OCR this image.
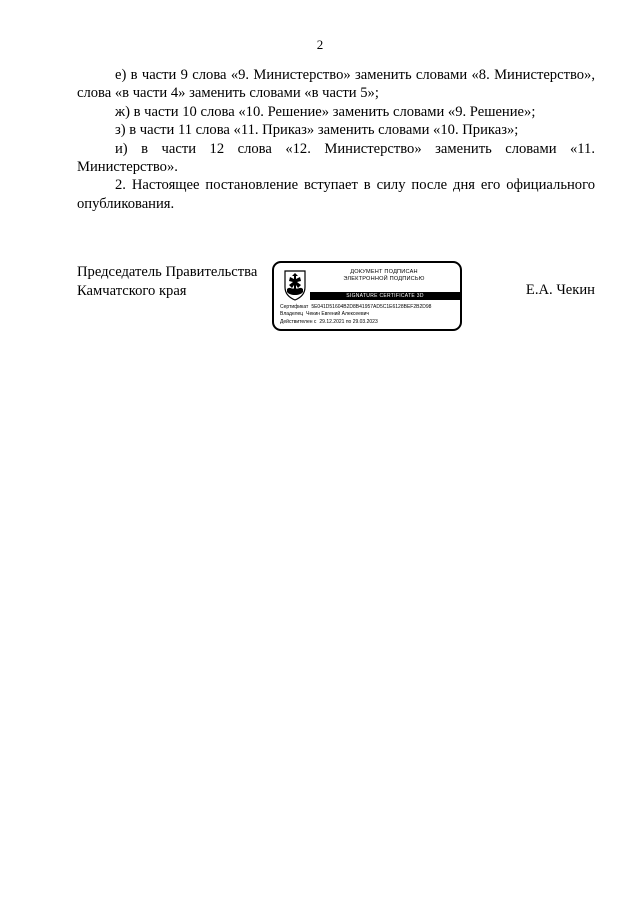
2

е) в части 9 слова «9. Министерство» заменить словами «8. Министерство», слова «в части 4» заменить словами «в части 5»;

ж) в части 10 слова «10. Решение» заменить словами «9. Решение»;

з) в части 11 слова «11. Приказ» заменить словами «10. Приказ»;

и) в части 12 слова «12. Министерство» заменить словами «11. Министерство».

2. Настоящее постановление вступает в силу после дня его официального опубликования.

Председатель Правительства
Камчатского края
ДОКУМЕНТ ПОДПИСАН
ЭЛЕКТРОННОЙ ПОДПИСЬЮ
SIGNATURE CERTIFICATE 3D
Сертификат 5E041D51604B2D8B41957AD5C1E6128BEF2B2D98
Владелец Чекин Евгений Алексеевич
Действителен с 29.12.2021 по 29.03.2023
Е.А. Чекин
